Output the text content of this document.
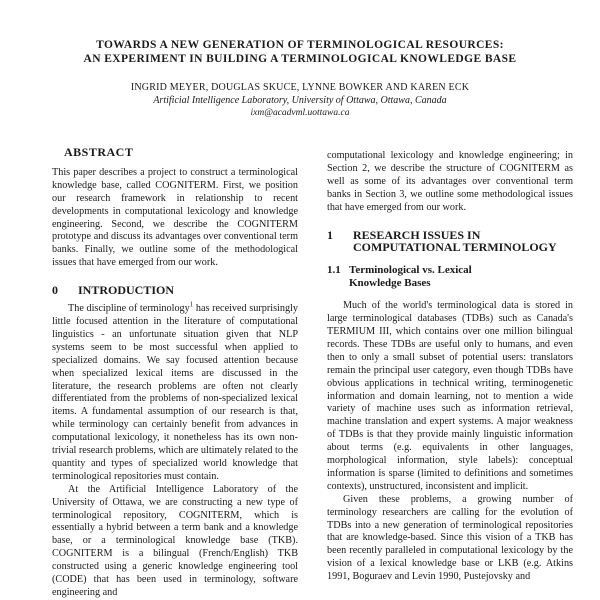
TOWARDS A NEW GENERATION OF TERMINOLOGICAL RESOURCES:
AN EXPERIMENT IN BUILDING A TERMINOLOGICAL KNOWLEDGE BASE
INGRID MEYER, DOUGLAS SKUCE, LYNNE BOWKER AND KAREN ECK
Artificial Intelligence Laboratory, University of Ottawa, Ottawa, Canada
ixm@acadvml.uottawa.ca
ABSTRACT

This paper describes a project to construct a terminological knowledge base, called COGNITERM. First, we position our research framework in relationship to recent developments in computational lexicology and knowledge engineering. Second, we describe the COGNITERM prototype and discuss its advantages over conventional term banks. Finally, we outline some of the methodological issues that have emerged from our work.

0	INTRODUCTION

The discipline of terminology$^1$ has received surprisingly little focused attention in the literature of computational linguistics - an unfortunate situation given that NLP systems seem to be most successful when applied to specialized domains. We say focused attention because when specialized lexical items are discussed in the literature, the research problems are often not clearly differentiated from the problems of non-specialized lexical items. A fundamental assumption of our research is that, while terminology can certainly benefit from advances in computational lexicology, it nonetheless has its own non-trivial research problems, which are ultimately related to the quantity and types of specialized world knowledge that terminological repositories must contain.

At the Artificial Intelligence Laboratory of the University of Ottawa, we are constructing a new type of terminological repository, COGNITERM, which is essentially a hybrid between a term bank and a knowledge base, or a terminological knowledge base (TKB). COGNITERM is a bilingual (French/English) TKB constructed using a generic knowledge engineering tool (CODE) that has been used in terminology, software engineering and

computational lexicology and knowledge engineering; in Section 2, we describe the structure of COGNITERM as well as some of its advantages over conventional term banks in Section 3, we outline some methodological issues that have emerged from our work.

1	RESEARCH ISSUES IN
COMPUTATIONAL TERMINOLOGY
1.1 Terminological vs. Lexical
Knowledge Bases

Much of the world's terminological data is stored in large terminological databases (TDBs) such as Canada's TERMIUM III, which contains over one million bilingual records. These TDBs are useful only to humans, and even then to only a small subset of potential users: translators remain the principal user category, even though TDBs have obvious applications in technical writing, terminogenetic information and domain learning, not to mention a wide variety of machine uses such as information retrieval, machine translation and expert systems. A major weakness of TDBs is that they provide mainly linguistic information about terms (e.g. equivalents in other languages, morphological information, style labels): conceptual information is sparse (limited to definitions and sometimes contexts), unstructured, inconsistent and implicit.

Given these problems, a growing number of terminology researchers are calling for the evolution of TDBs into a new generation of terminological repositories that are knowledge-based. Since this vision of a TKB has been recently paralleled in computational lexicology by the vision of a lexical knowledge base or LKB (e.g. Atkins 1991, Boguraev and Levin 1990, Pustejovsky and
